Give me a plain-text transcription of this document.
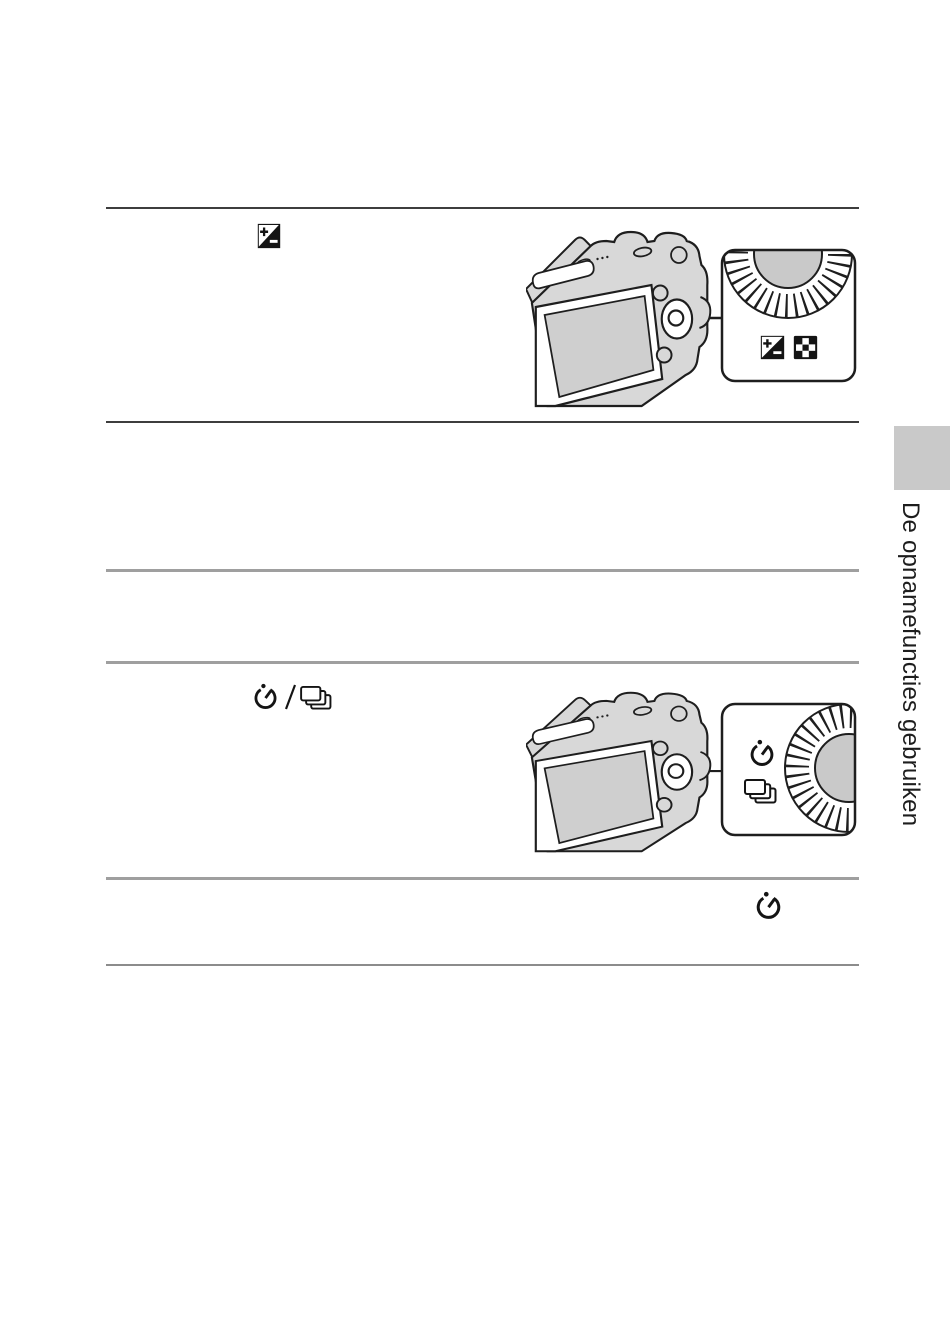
De opnamefuncties gebruiken
